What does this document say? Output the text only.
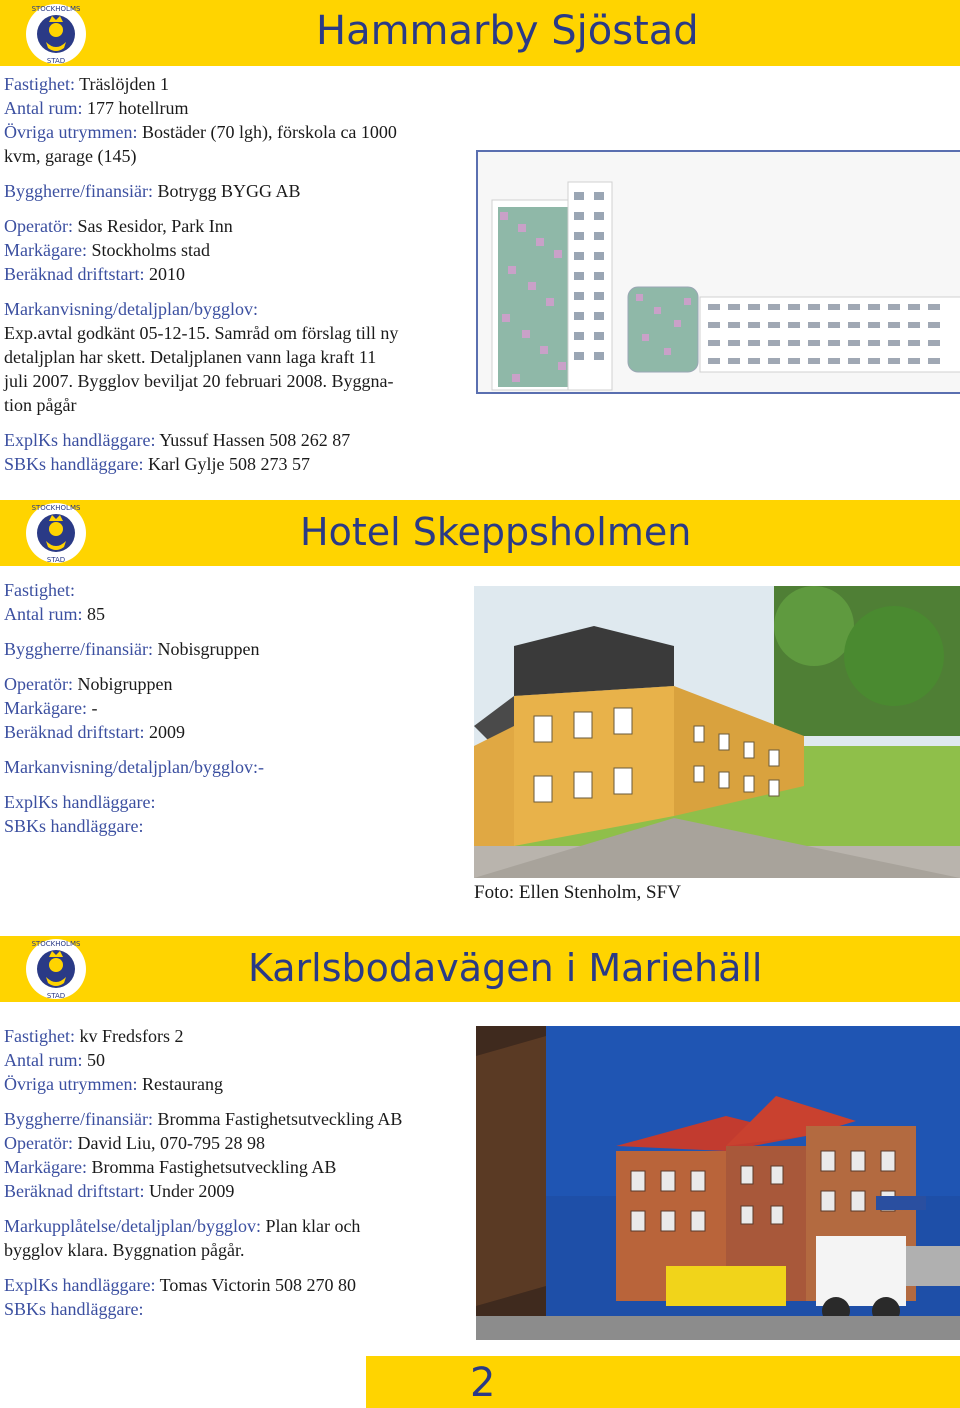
STOCKHOLMS
STAD
Hammarby Sjöstad

Fastighet: Träslöjden 1

Antal rum: 177 hotellrum

Övriga utrymmen: Bostäder (70 lgh), förskola ca 1000

kvm, garage (145)

Byggherre/finansiär: Botrygg BYGG AB

Operatör: Sas Residor, Park Inn

Markägare: Stockholms stad

Beräknad driftstart: 2010

Markanvisning/detaljplan/bygglov:

Exp.avtal godkänt 05-12-15. Samråd om förslag till ny

detaljplan har skett. Detaljplanen vann laga kraft 11

juli 2007. Bygglov beviljat 20 februari 2008. Byggna-

tion pågår

ExplKs handläggare: Yussuf Hassen 508 262 87

SBKs handläggare: Karl Gylje 508 273 57

STOCKHOLMS
STAD
Hotel Skeppsholmen

Fastighet:

Antal rum: 85

Byggherre/finansiär: Nobisgruppen

Operatör: Nobigruppen

Markägare: -

Beräknad driftstart: 2009

Markanvisning/detaljplan/bygglov:-

ExplKs handläggare:

SBKs handläggare:

Foto: Ellen Stenholm, SFV
STOCKHOLMS
STAD
Karlsbodavägen i Mariehäll

Fastighet: kv Fredsfors 2

Antal rum: 50

Övriga utrymmen: Restaurang

Byggherre/finansiär: Bromma Fastighetsutveckling AB

Operatör: David Liu, 070-795 28 98

Markägare: Bromma Fastighetsutveckling AB

Beräknad driftstart: Under 2009

Markupplåtelse/detaljplan/bygglov: Plan klar och

bygglov klara. Byggnation pågår.

ExplKs handläggare: Tomas Victorin 508 270 80

SBKs handläggare:

2
